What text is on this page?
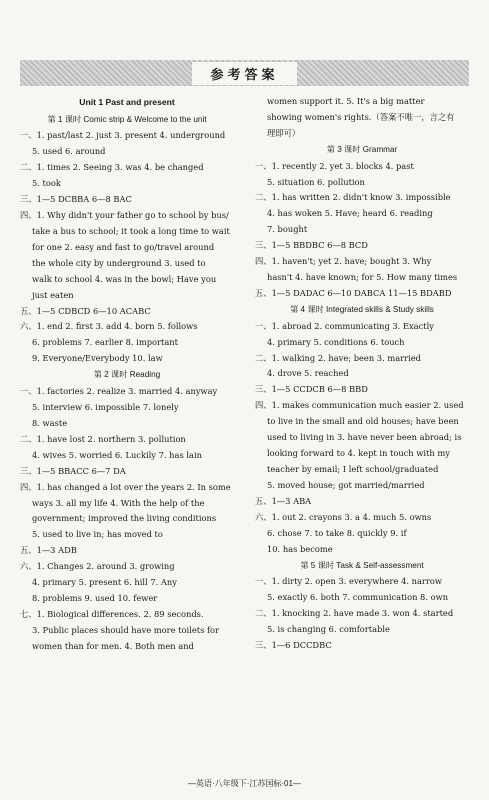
参考答案
Unit 1 Past and present
第 1 课时 Comic strip & Welcome to the unit
一、1. past/last 2. just 3. present 4. underground
5. used 6. around
二、1. times 2. Seeing 3. was 4. be changed
5. took
三、1—5 DCBBA 6—8 BAC
四、1. Why didn't your father go to school by bus/
take a bus to school; it took a long time to wait
for one 2. easy and fast to go/travel around
the whole city by underground 3. used to
walk to school 4. was in the bowl; Have you
just eaten
五、1—5 CDBCD 6—10 ACABC
六、1. end 2. first 3. add 4. born 5. follows
6. problems 7. earlier 8. important
9. Everyone/Everybody 10. law
第 2 课时 Reading
一、1. factories 2. realize 3. married 4. anyway
5. interview 6. impossible 7. lonely
8. waste
二、1. have lost 2. northern 3. pollution
4. wives 5. worried 6. Luckily 7. has lain
三、1—5 BBACC 6—7 DA
四、1. has changed a lot over the years 2. In some
ways 3. all my life 4. With the help of the
government; improved the living conditions
5. used to live in; has moved to
五、1—3 ADB
六、1. Changes 2. around 3. growing
4. primary 5. present 6. hill 7. Any
8. problems 9. used 10. fewer
七、1. Biological differences. 2. 89 seconds.
3. Public places should have more toilets for
women than for men. 4. Both men and
women support it. 5. It's a big matter
showing women's rights.（答案不唯一，言之有
理即可）
第 3 课时 Grammar
一、1. recently 2. yet 3. blocks 4. past
5. situation 6. pollution
二、1. has written 2. didn't know 3. impossible
4. has woken 5. Have; heard 6. reading
7. bought
三、1—5 BBDBC 6—8 BCD
四、1. haven't; yet 2. have; bought 3. Why
hasn't 4. have known; for 5. How many times
五、1—5 DADAC 6—10 DABCA 11—15 BDABD
第 4 课时 Integrated skills & Study skills
一、1. abroad 2. communicating 3. Exactly
4. primary 5. conditions 6. touch
二、1. walking 2. have; been 3. married
4. drove 5. reached
三、1—5 CCDCB 6—8 BBD
四、1. makes communication much easier 2. used
to live in the small and old houses; have been
used to living in 3. have never been abroad; is
looking forward to 4. kept in touch with my
teacher by email; I left school/graduated
5. moved house; got married/married
五、1—3 ABA
六、1. out 2. crayons 3. a 4. much 5. owns
6. chose 7. to take 8. quickly 9. if
10. has become
第 5 课时 Task & Self-assessment
一、1. dirty 2. open 3. everywhere 4. narrow
5. exactly 6. both 7. communication 8. own
二、1. knocking 2. have made 3. won 4. started
5. is changing 6. comfortable
三、1—6 DCCDBC
—英语·八年级下·江苏国标·01—
